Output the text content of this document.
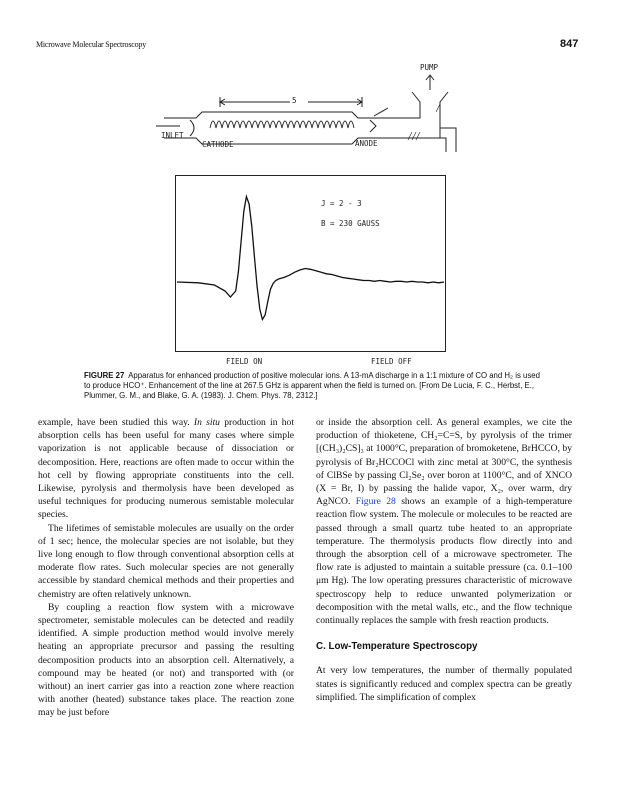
Microwave Molecular Spectroscopy	847
PUMP
5
INLET
CATHODE	ANODE
J = 2 - 3
B = 230 GAUSS
FIELD ON	FIELD OFF
FIGURE 27 Apparatus for enhanced production of positive molecular ions. A 13-mA discharge in a 1:1 mixture of CO and H₂ is used to produce HCO⁺. Enhancement of the line at 267.5 GHz is apparent when the field is turned on. [From De Lucia, F. C., Herbst, E., Plummer, G. M., and Blake, G. A. (1983). J. Chem. Phys. 78, 2312.]

example, have been studied this way. In situ production in hot absorption cells has been useful for many cases where simple vaporization is not applicable because of dissociation or decomposition. Here, reactions are often made to occur within the hot cell by flowing appropriate constituents into the cell. Likewise, pyrolysis and thermolysis have been developed as useful techniques for producing numerous semistable molecular species.

The lifetimes of semistable molecules are usually on the order of 1 sec; hence, the molecular species are not isolable, but they live long enough to flow through conventional absorption cells at moderate flow rates. Such molecular species are not generally accessible by standard chemical methods and their properties and chemistry are often relatively unknown.

By coupling a reaction flow system with a microwave spectrometer, semistable molecules can be detected and readily identified. A simple production method would involve merely heating an appropriate precursor and passing the resulting decomposition products into an absorption cell. Alternatively, a compound may be heated (or not) and transported with (or without) an inert carrier gas into a reaction zone where reaction with another (heated) substance takes place. The reaction zone may be just before

or inside the absorption cell. As general examples, we cite the production of thioketene, CH₂=C=S, by pyrolysis of the trimer [(CH₃)₂CS]₃ at 1000°C, preparation of bromoketene, BrHCCO, by pyrolysis of Br₂HCCOCl with zinc metal at 300°C, the synthesis of ClBSe by passing Cl₂Se₂ over boron at 1100°C, and of XNCO (X = Br, I) by passing the halide vapor, X₂, over warm, dry AgNCO. Figure 28 shows an example of a high-temperature reaction flow system. The molecule or molecules to be reacted are passed through a small quartz tube heated to an appropriate temperature. The thermolysis products flow directly into and through the absorption cell of a microwave spectrometer. The flow rate is adjusted to maintain a suitable pressure (ca. 0.1–100 μm Hg). The low operating pressures characteristic of microwave spectroscopy help to reduce unwanted polymerization or decomposition with the metal walls, etc., and the flow technique continually replaces the sample with fresh reaction products.

C. Low-Temperature Spectroscopy

At very low temperatures, the number of thermally populated states is significantly reduced and complex spectra can be greatly simplified. The simplification of complex
